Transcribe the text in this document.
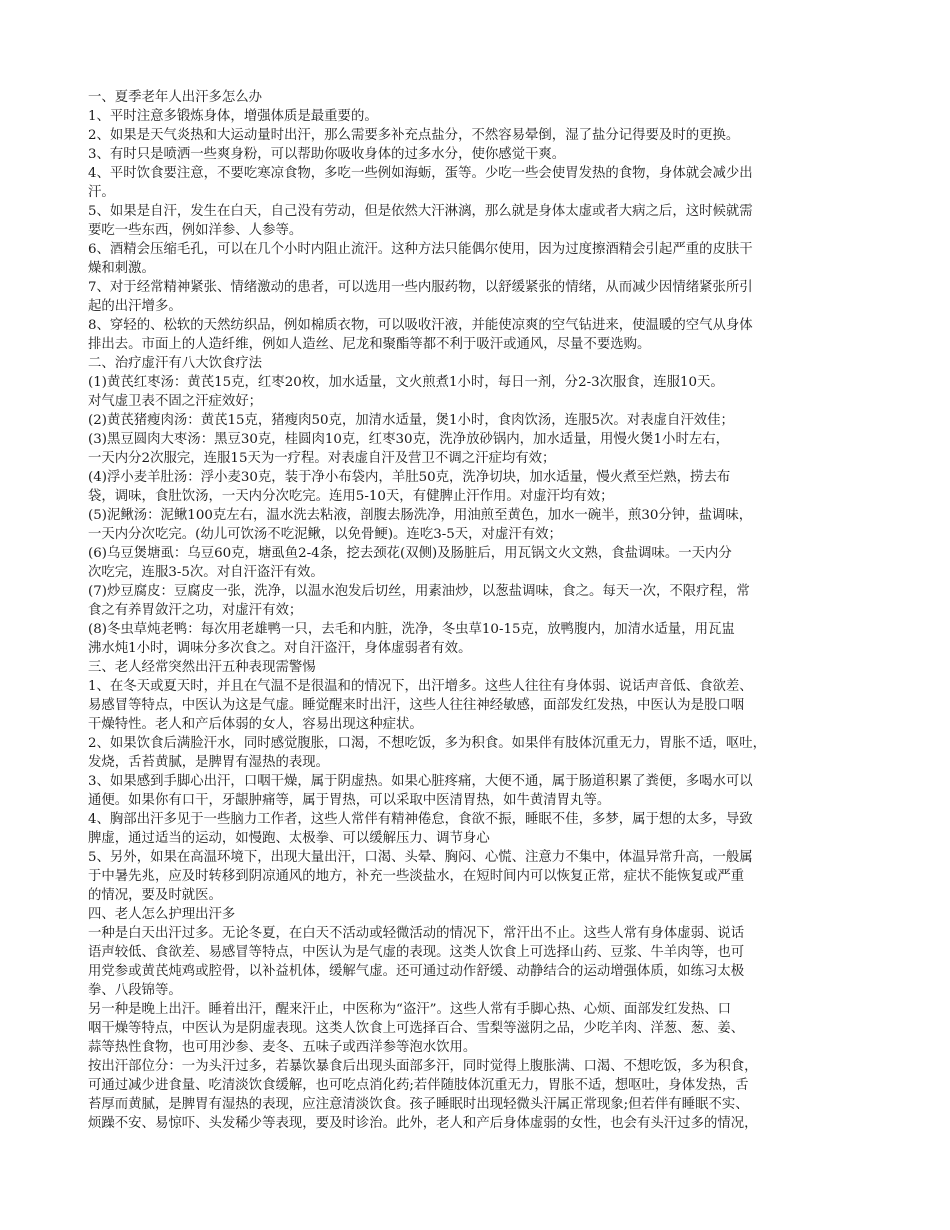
一、夏季老年人出汗多怎么办
1、平时注意多锻炼身体，增强体质是最重要的。
2、如果是天气炎热和大运动量时出汗，那么需要多补充点盐分，不然容易晕倒，湿了盐分记得要及时的更换。
3、有时只是喷洒一些爽身粉，可以帮助你吸收身体的过多水分，使你感觉干爽。
4、平时饮食要注意，不要吃寒凉食物，多吃一些例如海蛎，蛋等。少吃一些会使胃发热的食物，身体就会减少出
汗。
5、如果是自汗，发生在白天，自己没有劳动，但是依然大汗淋漓，那么就是身体太虚或者大病之后，这时候就需
要吃一些东西，例如洋参、人参等。
6、酒精会压缩毛孔，可以在几个小时内阻止流汗。这种方法只能偶尔使用，因为过度擦酒精会引起严重的皮肤干
燥和刺激。
7、对于经常精神紧张、情绪激动的患者，可以选用一些内服药物，以舒缓紧张的情绪，从而减少因情绪紧张所引
起的出汗增多。
8、穿轻的、松软的天然纺织品，例如棉质衣物，可以吸收汗液，并能使凉爽的空气钻进来，使温暖的空气从身体
排出去。市面上的人造纤维，例如人造丝、尼龙和聚酯等都不利于吸汗或通风，尽量不要选购。
二、治疗虚汗有八大饮食疗法
(1)黄芪红枣汤：黄芪15克，红枣20枚，加水适量，文火煎煮1小时，每日一剂，分2-3次服食，连服10天。
对气虚卫表不固之汗症效好；
(2)黄芪猪瘦肉汤：黄芪15克，猪瘦肉50克，加清水适量，煲1小时，食肉饮汤，连服5次。对表虚自汗效佳；
(3)黑豆圆肉大枣汤：黑豆30克，桂圆肉10克，红枣30克，洗净放砂锅内，加水适量，用慢火煲1小时左右，
一天内分2次服完，连服15天为一疗程。对表虚自汗及营卫不调之汗症均有效；
(4)浮小麦羊肚汤：浮小麦30克，装于净小布袋内，羊肚50克，洗净切块，加水适量，慢火煮至烂熟，捞去布
袋，调味，食肚饮汤，一天内分次吃完。连用5-10天，有健脾止汗作用。对虚汗均有效；
(5)泥鳅汤：泥鳅100克左右，温水洗去粘液，剖腹去肠洗净，用油煎至黄色，加水一碗半，煎30分钟，盐调味，
一天内分次吃完。(幼儿可饮汤不吃泥鳅，以免骨鲠)。连吃3-5天，对虚汗有效；
(6)乌豆煲塘虱：乌豆60克，塘虱鱼2-4条，挖去颈花(双侧)及肠脏后，用瓦锅文火文熟，食盐调味。一天内分
次吃完，连服3-5次。对自汗盗汗有效。
(7)炒豆腐皮：豆腐皮一张，洗净，以温水泡发后切丝，用素油炒，以葱盐调味，食之。每天一次，不限疗程，常
食之有养胃敛汗之功，对虚汗有效；
(8)冬虫草炖老鸭：每次用老雄鸭一只，去毛和内脏，洗净，冬虫草10-15克，放鸭腹内，加清水适量，用瓦盅
沸水炖1小时，调味分多次食之。对自汗盗汗，身体虚弱者有效。
三、老人经常突然出汗五种表现需警惕
1、在冬天或夏天时，并且在气温不是很温和的情况下，出汗增多。这些人往往有身体弱、说话声音低、食欲差、
易感冒等特点，中医认为这是气虚。睡觉醒来时出汗，这些人往往神经敏感，面部发红发热，中医认为是股口咽
干燥特性。老人和产后体弱的女人，容易出现这种症状。
2、如果饮食后满脸汗水，同时感觉腹胀，口渴，不想吃饭，多为积食。如果伴有肢体沉重无力，胃胀不适，呕吐，
发烧，舌苔黄腻，是脾胃有湿热的表现。
3、如果感到手脚心出汗，口咽干燥，属于阴虚热。如果心脏疼痛，大便不通，属于肠道积累了粪便，多喝水可以
通便。如果你有口干，牙龈肿痛等，属于胃热，可以采取中医清胃热，如牛黄清胃丸等。
4、胸部出汗多见于一些脑力工作者，这些人常伴有精神倦怠，食欲不振，睡眠不佳，多梦，属于想的太多，导致
脾虚，通过适当的运动，如慢跑、太极拳、可以缓解压力、调节身心
5、另外，如果在高温环境下，出现大量出汗，口渴、头晕、胸闷、心慌、注意力不集中，体温异常升高，一般属
于中暑先兆，应及时转移到阴凉通风的地方，补充一些淡盐水，在短时间内可以恢复正常，症状不能恢复或严重
的情况，要及时就医。
四、老人怎么护理出汗多
一种是白天出汗过多。无论冬夏，在白天不活动或轻微活动的情况下，常汗出不止。这些人常有身体虚弱、说话
语声较低、食欲差、易感冒等特点，中医认为是气虚的表现。这类人饮食上可选择山药、豆浆、牛羊肉等，也可
用党参或黄芪炖鸡或腔骨，以补益机体，缓解气虚。还可通过动作舒缓、动静结合的运动增强体质，如练习太极
拳、八段锦等。
另一种是晚上出汗。睡着出汗，醒来汗止，中医称为“盗汗”。这些人常有手脚心热、心烦、面部发红发热、口
咽干燥等特点，中医认为是阴虚表现。这类人饮食上可选择百合、雪梨等滋阴之品，少吃羊肉、洋葱、葱、姜、
蒜等热性食物，也可用沙参、麦冬、五味子或西洋参等泡水饮用。
按出汗部位分：一为头汗过多，若暴饮暴食后出现头面部多汗，同时觉得上腹胀满、口渴、不想吃饭，多为积食，
可通过减少进食量、吃清淡饮食缓解，也可吃点消化药;若伴随肢体沉重无力，胃胀不适，想呕吐，身体发热，舌
苔厚而黄腻，是脾胃有湿热的表现，应注意清淡饮食。孩子睡眠时出现轻微头汗属正常现象;但若伴有睡眠不实、
烦躁不安、易惊吓、头发稀少等表现，要及时诊治。此外，老人和产后身体虚弱的女性，也会有头汗过多的情况，
